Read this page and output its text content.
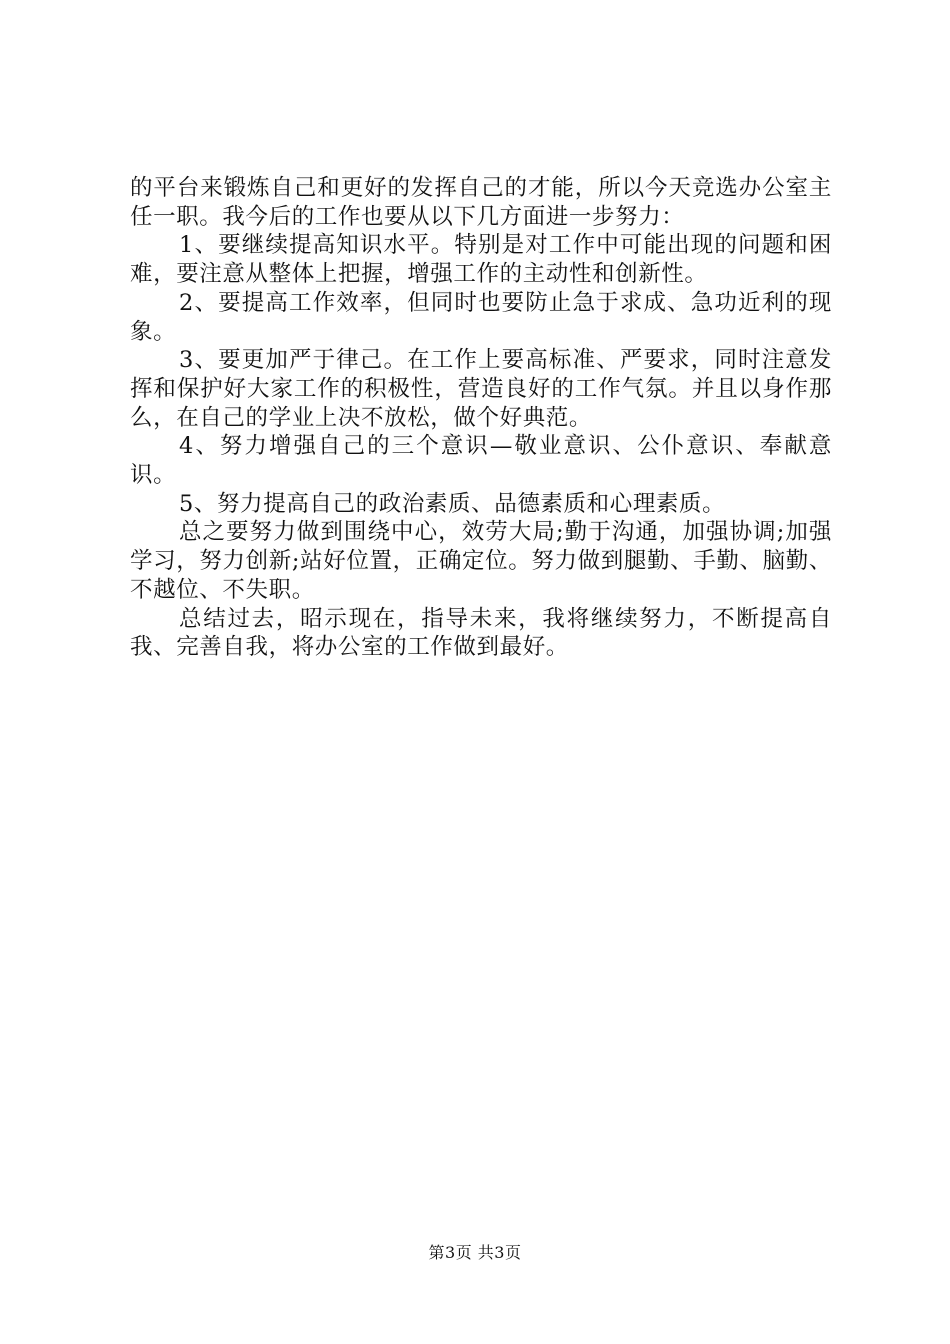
的平台来锻炼自己和更好的发挥自己的才能，所以今天竞选办公室主任一职。我今后的工作也要从以下几方面进一步努力：

1、要继续提高知识水平。特别是对工作中可能出现的问题和困难，要注意从整体上把握，增强工作的主动性和创新性。

2、要提高工作效率，但同时也要防止急于求成、急功近利的现象。

3、要更加严于律己。在工作上要高标准、严要求，同时注意发挥和保护好大家工作的积极性，营造良好的工作气氛。并且以身作那么，在自己的学业上决不放松，做个好典范。

4、努力增强自己的三个意识—敬业意识、公仆意识、奉献意识。

5、努力提高自己的政治素质、品德素质和心理素质。

总之要努力做到围绕中心，效劳大局;勤于沟通，加强协调;加强学习，努力创新;站好位置，正确定位。努力做到腿勤、手勤、脑勤、不越位、不失职。

总结过去，昭示现在，指导未来，我将继续努力，不断提高自我、完善自我，将办公室的工作做到最好。

第3页 共3页
